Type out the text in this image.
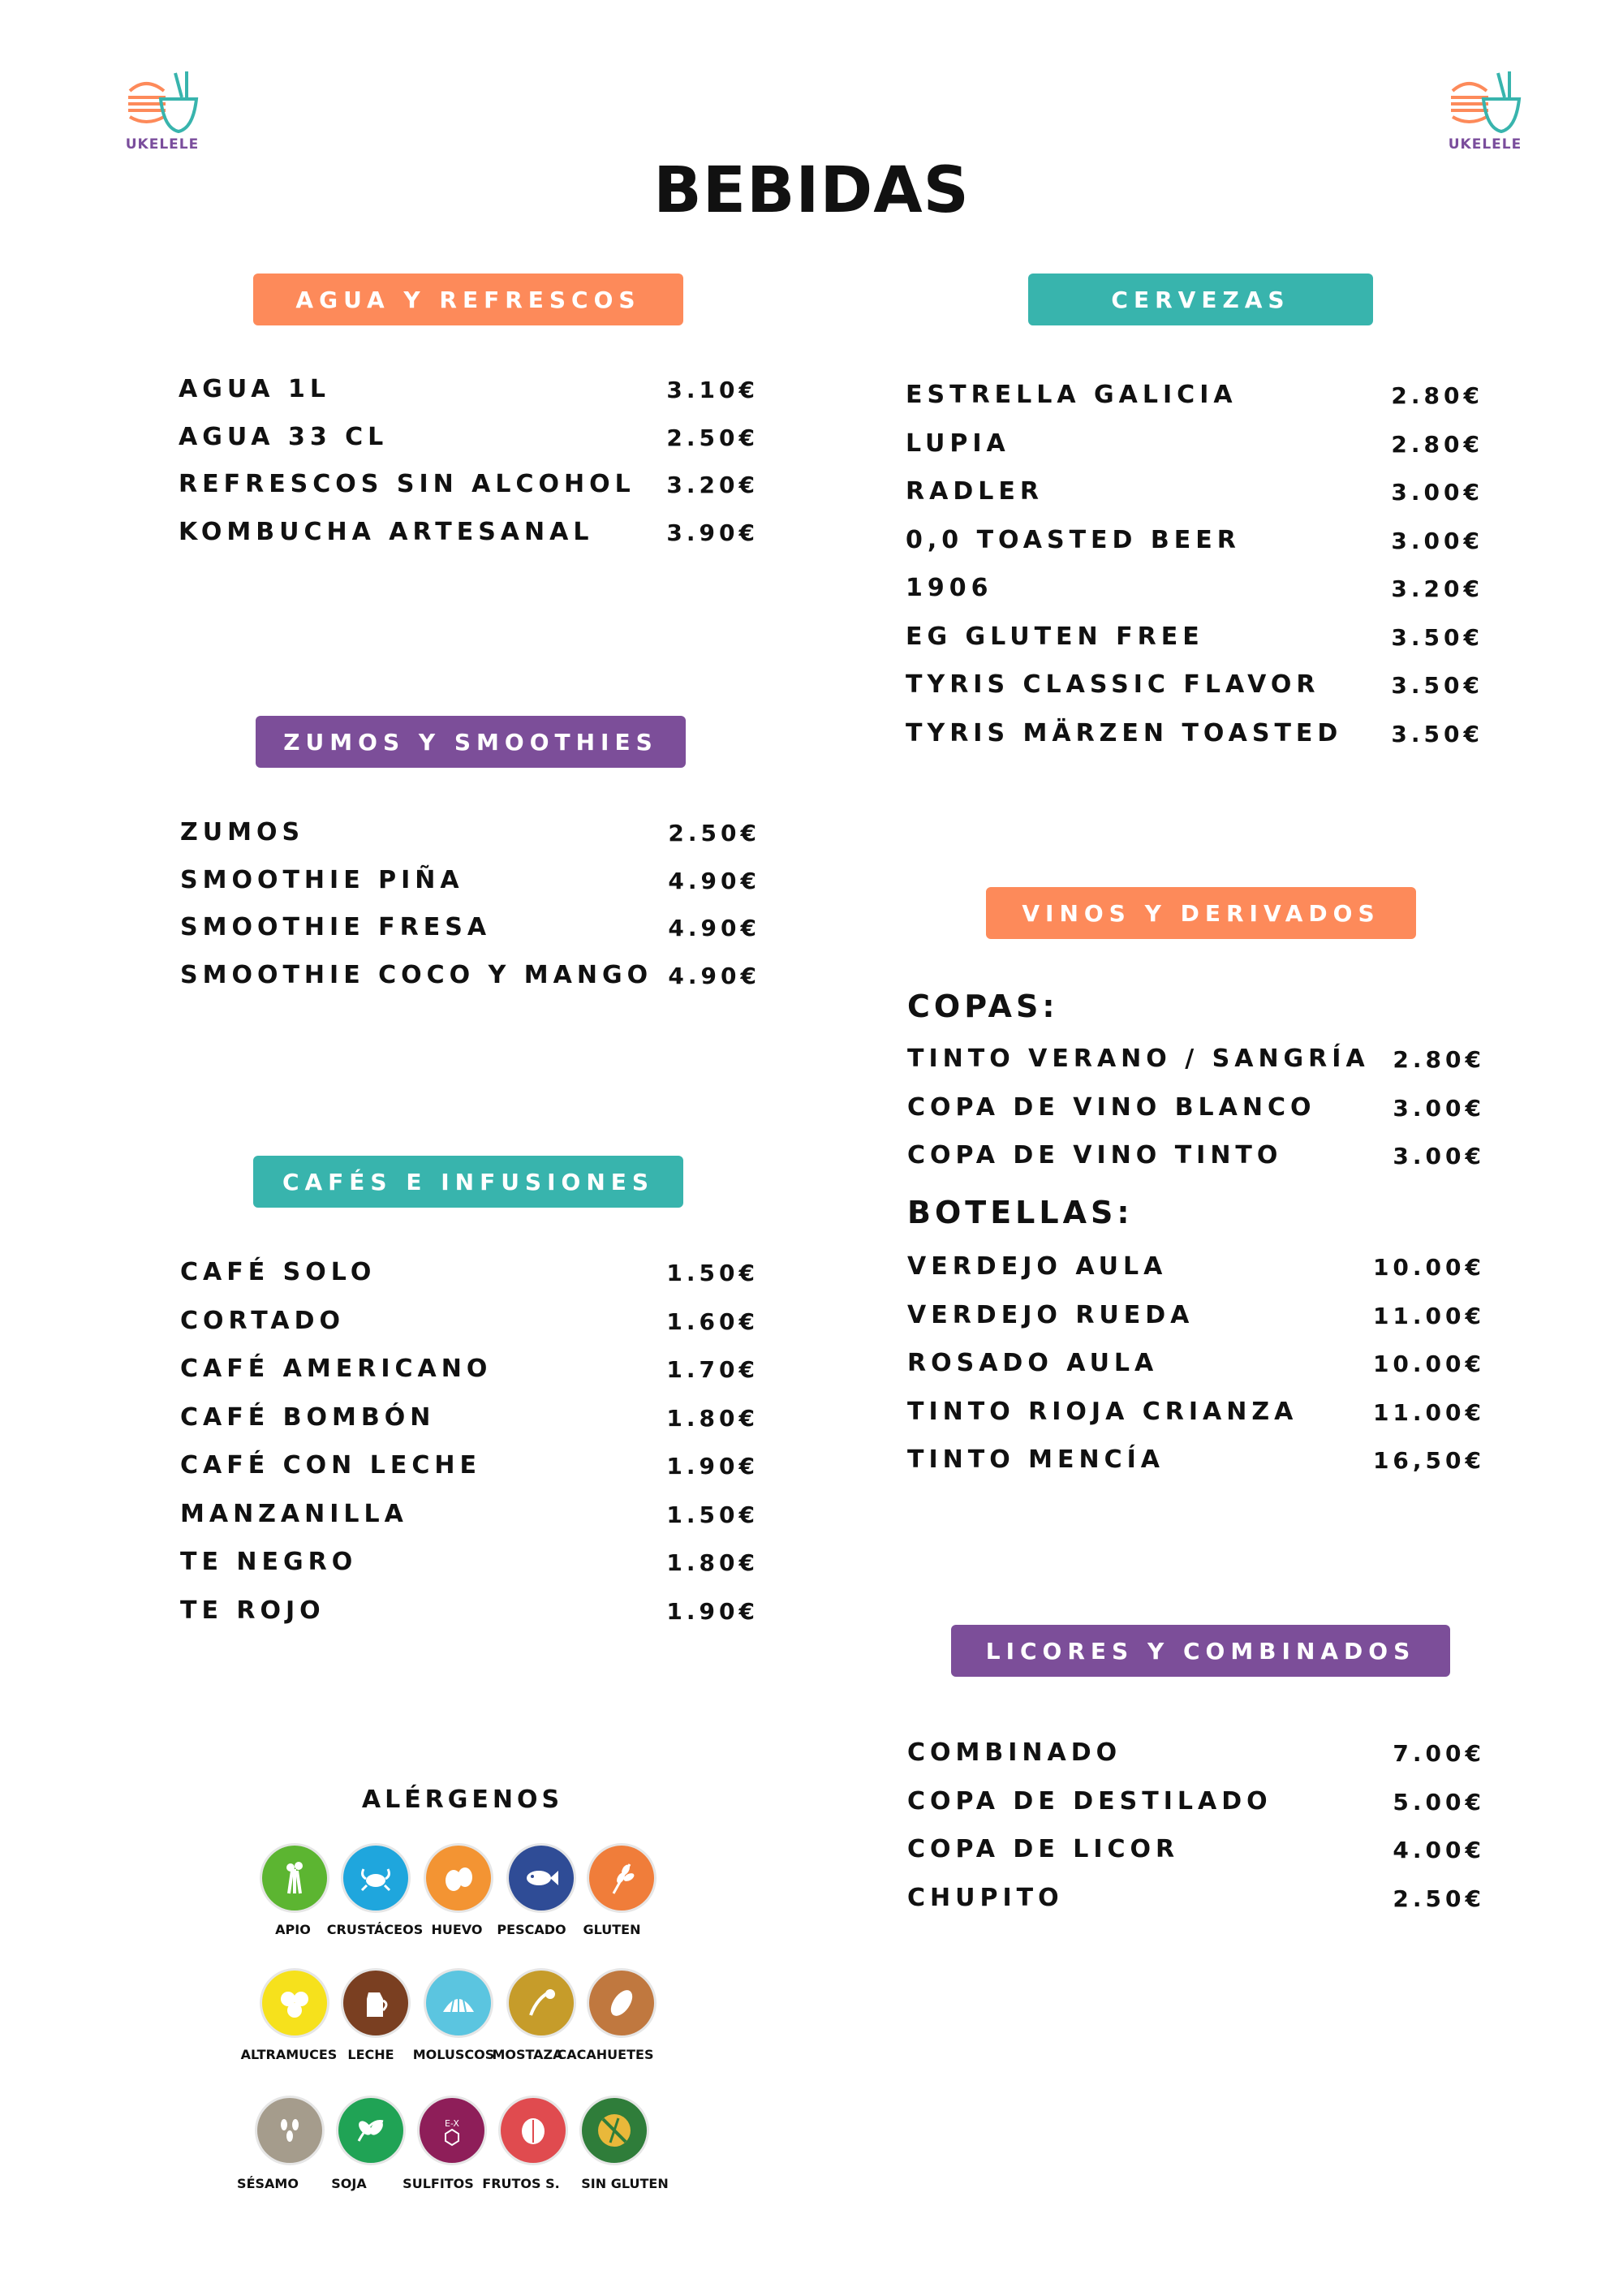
UKELELE	UKELELE
BEBIDAS
AGUA Y REFRESCOS
ZUMOS Y SMOOTHIES
CAFÉS E INFUSIONES
CERVEZAS
VINOS Y DERIVADOS
LICORES Y COMBINADOS
COPAS:
BOTELLAS:
AGUA 1L	3.10€
AGUA 33 CL	2.50€
REFRESCOS SIN ALCOHOL	3.20€
KOMBUCHA ARTESANAL	3.90€
ZUMOS	2.50€
SMOOTHIE PIÑA	4.90€
SMOOTHIE FRESA	4.90€
SMOOTHIE COCO Y MANGO 4.90€
CAFÉ SOLO	1.50€
CORTADO	1.60€
CAFÉ AMERICANO	1.70€
CAFÉ BOMBÓN	1.80€
CAFÉ CON LECHE	1.90€
MANZANILLA	1.50€
TE NEGRO	1.80€
TE ROJO	1.90€
ESTRELLA GALICIA	2.80€
LUPIA	2.80€
RADLER	3.00€
0,0 TOASTED BEER	3.00€
1906	3.20€
EG GLUTEN FREE	3.50€
TYRIS CLASSIC FLAVOR	3.50€
TYRIS MÄRZEN TOASTED	3.50€
TINTO VERANO / SANGRÍA	2.80€
COPA DE VINO BLANCO	3.00€
COPA DE VINO TINTO	3.00€
VERDEJO AULA	10.00€
VERDEJO RUEDA	11.00€
ROSADO AULA	10.00€
TINTO RIOJA CRIANZA	11.00€
TINTO MENCÍA	16,50€
COMBINADO	7.00€
COPA DE DESTILADO	5.00€
COPA DE LICOR	4.00€
CHUPITO	2.50€
ALÉRGENOS
APIO	CRUSTÁCEOS HUEVO	PESCADO	GLUTEN
ALTRAMUCES LECHE	MOLUSCOS
MOSTAZA
CACAHUETES
SÉSAMO	SOJA
E-X
SULFITOS FRUTOS S.	SIN GLUTEN
